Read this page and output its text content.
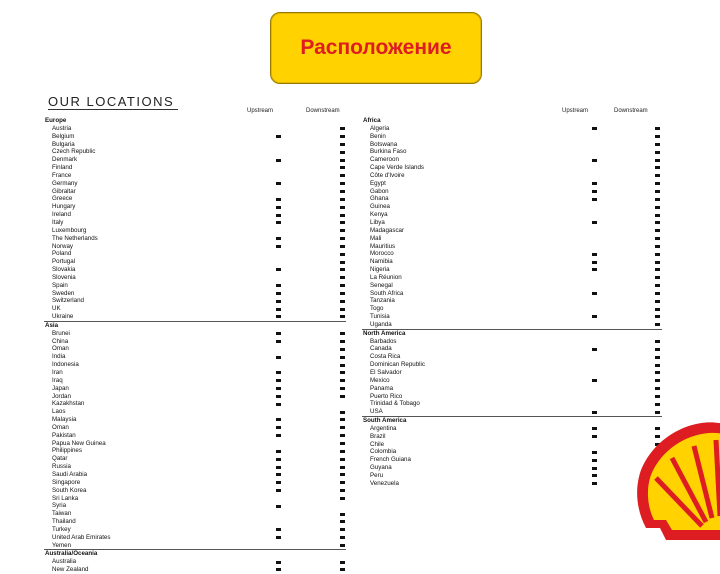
Расположение
OUR LOCATIONS
Upstream	Downstream
Europe
Austria
Belgium
Bulgaria
Czech Republic
Denmark
Finland
France
Germany
Gibraltar
Greece
Hungary
Ireland
Italy
Luxembourg
The Netherlands
Norway
Poland
Portugal
Slovakia
Slovenia
Spain
Sweden
Switzerland
UK
Ukraine
Asia
Brunei
China
Oman
India
Indonesia
Iran
Iraq
Japan
Jordan
Kazakhstan
Laos
Malaysia
Oman
Pakistan
Papua New Guinea
Philippines
Qatar
Russia
Saudi Arabia
Singapore
South Korea
Sri Lanka
Syria
Taiwan
Thailand
Turkey
United Arab Emirates
Yemen
Australia/Oceania
Australia
New Zealand
Upstream	Downstream
Africa
Algeria
Benin
Botswana
Burkina Faso
Cameroon
Cape Verde Islands
Côte d'Ivoire
Egypt
Gabon
Ghana
Guinea
Kenya
Libya
Madagascar
Mali
Mauritius
Morocco
Namibia
Nigeria
La Réunion
Senegal
South Africa
Tanzania
Togo
Tunisia
Uganda
North America
Barbados
Canada
Costa Rica
Dominican Republic
El Salvador
Mexico
Panama
Puerto Rico
Trinidad & Tobago
USA
South America
Argentina
Brazil
Chile
Colombia
French Guiana
Guyana
Peru
Venezuela
